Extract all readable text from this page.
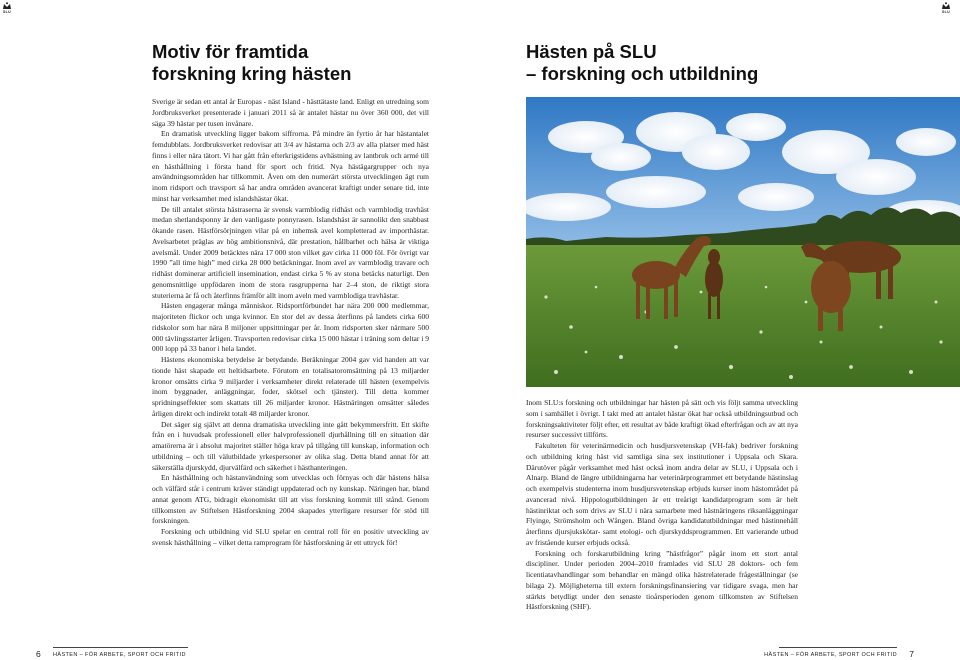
SLU
Motiv för framtida
forskning kring hästen

Sverige är sedan ett antal år Europas - näst Island - hästtätaste land. Enligt en utredning som Jordbruksverket presenterade i januari 2011 så är antalet hästar nu över 360 000, det vill säga 39 hästar per tusen invånare.

En dramatisk utveckling ligger bakom siffrorna. På mindre än fyrtio år har hästantalet femdubblats. Jordbruksverket redovisar att 3/4 av hästarna och 2/3 av alla platser med häst finns i eller nära tätort. Vi har gått från efterkrigstidens avhästning av lantbruk och armé till en hästhållning i första hand för sport och fritid. Nya hästägargrupper och nya användningsområden har tillkommit. Även om den numerärt största utvecklingen ägt rum inom ridsport och travsport så har andra områden avancerat kraftigt under senare tid, inte minst har verksamhet med islandshästar ökat.

De till antalet största hästraserna är svensk varmblodig ridhäst och varmblodig travhäst medan shetlandsponny är den vanligaste ponnyrasen. Islandshäst är sannolikt den snabbast ökande rasen. Hästförsörjningen vilar på en inhemsk avel kompletterad av importhästar. Avelsarbetet präglas av hög ambitionsnivå, där prestation, hållbarhet och hälsa är viktiga avelsmål. Under 2009 betäcktes nära 17 000 ston vilket gav cirka 11 000 föl. För övrigt var 1990 ”all time high” med cirka 28 000 betäckningar. Inom avel av varmblodig travare och ridhäst dominerar artificiell insemination, endast cirka 5 % av stona betäcks naturligt. Den genomsnittlige uppfödaren inom de stora rasgrupperna har 2–4 ston, de riktigt stora stuterierna är få och återfinns främför allt inom aveln med varmblodiga travhästar.

Hästen engagerar många människor. Ridsportförbundet har nära 200 000 medlemmar, majoriteten flickor och unga kvinnor. En stor del av dessa återfinns på landets cirka 600 ridskolor som har nära 8 miljoner uppsittningar per år. Inom ridsporten sker närmare 500 000 tävlingsstarter årligen. Travsporten redovisar cirka 15 000 hästar i träning som deltar i 9 000 lopp på 33 banor i hela landet.

Hästens ekonomiska betydelse är betydande. Beräkningar 2004 gav vid handen att var tionde häst skapade ett heltidsarbete. Förutom en totalisatoromsättning på 13 miljarder kronor omsätts cirka 9 miljarder i verksamheter direkt relaterade till hästen (exempelvis inom byggnader, anläggningar, foder, skötsel och tjänster). Till detta kommer spridningseffekter som skattats till 26 miljarder kronor. Hästnäringen omsätter således årligen direkt och indirekt totalt 48 miljarder kronor.

Det säger sig självt att denna dramatiska utveckling inte gått bekymmersfritt. Ett skifte från en i huvudsak professionell eller halvprofessionell djurhållning till en situation där amatörerna är i absolut majoritet ställer höga krav på tillgång till kunskap, information och utbildning – och till välutbildade yrkespersoner av olika slag. Detta bland annat för att säkerställa djurskydd, djurvälfärd och säkerhet i hästhanteringen.

En hästhållning och hästanvändning som utvecklas och förnyas och där hästens hälsa och välfärd står i centrum kräver ständigt uppdaterad och ny kunskap. Näringen har, bland annat genom ATG, bidragit ekonomiskt till att viss forskning kommit till stånd. Genom tillkomsten av Stiftelsen Hästforskning 2004 skapades ytterligare resurser för stöd till forskningen.

Forskning och utbildning vid SLU spelar en central roll för en positiv utveckling av svensk hästhållning – vilket detta ramprogram för hästforskning är ett uttryck för!

6 HÄSTEN – FÖR ARBETE, SPORT OCH FRITID
SLU
Hästen på SLU
– forskning och utbildning

Inom SLU:s forskning och utbildningar har hästen på sätt och vis följt samma utveckling som i samhället i övrigt. I takt med att antalet hästar ökat har också utbildningsutbud och forskningsaktiviteter följt efter, ett resultat av både kraftigt ökad efterfrågan och av att nya resurser successivt tillförts.

Fakulteten för veterinärmedicin och husdjursvetenskap (VH-fak) bedriver forskning och utbildning kring häst vid samtliga sina sex institutioner i Uppsala och Skara. Därutöver pågår verksamhet med häst också inom andra delar av SLU, i Uppsala och i Alnarp. Bland de längre utbildningarna har veterinärprogrammet ett betydande hästinslag och exempelvis studenterna inom husdjursvetenskap erbjuds kurser inom hästområdet på avancerad nivå. Hippologutbildningen är ett treårigt kandidatprogram som är helt hästinriktat och som drivs av SLU i nära samarbete med hästnäringens riksanläggningar Flyinge, Strömsholm och Wången. Bland övriga kandidatutbildningar med hästinnehåll återfinns djursjukskötar- samt etologi- och djurskyddsprogrammen. Ett varierande utbud av fristående kurser erbjuds också.

Forskning och forskarutbildning kring ”hästfrågor” pågår inom ett stort antal discipliner. Under perioden 2004–2010 framlades vid SLU 28 doktors- och fem licentiatavhandlingar som behandlar en mängd olika hästrelaterade frågeställningar (se bilaga 2). Möjligheterna till extern forskningsfinansiering var tidigare svaga, men har stärkts betydligt under den senaste tioårsperioden genom tillkomsten av Stiftelsen Hästforskning (SHF).

HÄSTEN – FÖR ARBETE, SPORT OCH FRITID 7
